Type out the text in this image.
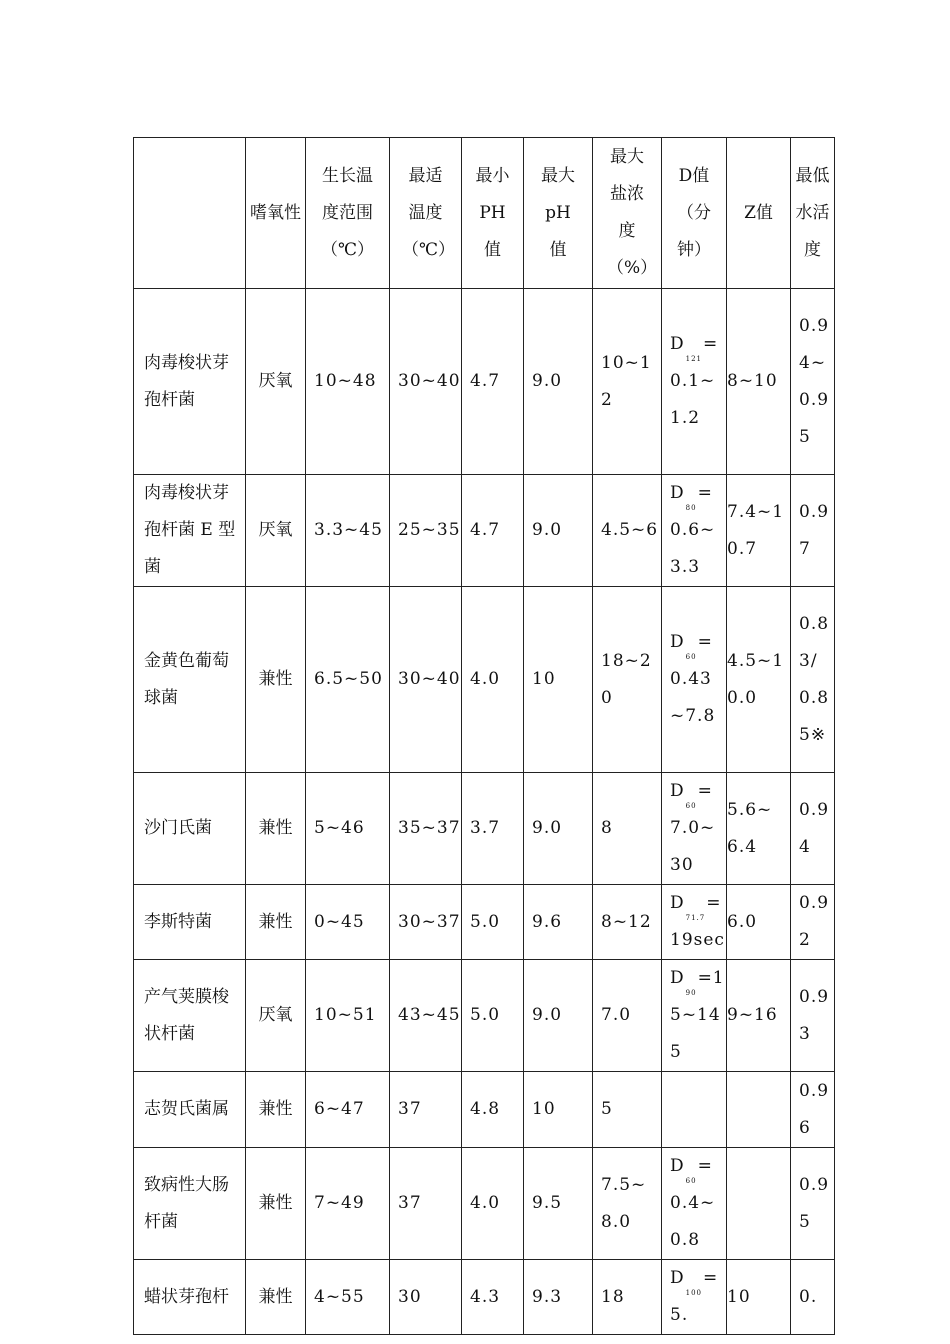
	嗜氧性	生长温度范围（℃）	最适温度（℃）	最小PH值	最大pH值	最大盐浓度（%）	D值（分钟）	Z值	最低水活度
肉毒梭状芽孢杆菌	厌氧	10~48	30~40	4.7	9.0	10~12	D121=0.1~1.2	8~10	0.94~0.95
肉毒梭状芽孢杆菌 E 型菌	厌氧	3.3~45	25~35	4.7	9.0	4.5~6	D80=0.6~3.3	7.4~10.7	0.97
金黄色葡萄球菌	兼性	6.5~50	30~40	4.0	10	18~20	D60=0.43~7.8	4.5~10.0	0.83/0.85※
沙门氏菌	兼性	5~46	35~37	3.7	9.0	8	D60=7.0~30	5.6~6.4	0.94
李斯特菌	兼性	0~45	30~37	5.0	9.6	8~12	D71.7=19sec	6.0	0.92
产气荚膜梭状杆菌	厌氧	10~51	43~45	5.0	9.0	7.0	D90=15~145	9~16	0.93
志贺氏菌属	兼性	6~47	37	4.8	10	5			0.96
致病性大肠杆菌	兼性	7~49	37	4.0	9.5	7.5~8.0	D60=0.4~0.8		0.95
蜡状芽孢杆	兼性	4~55	30	4.3	9.3	18	D100=5.	10	0.
